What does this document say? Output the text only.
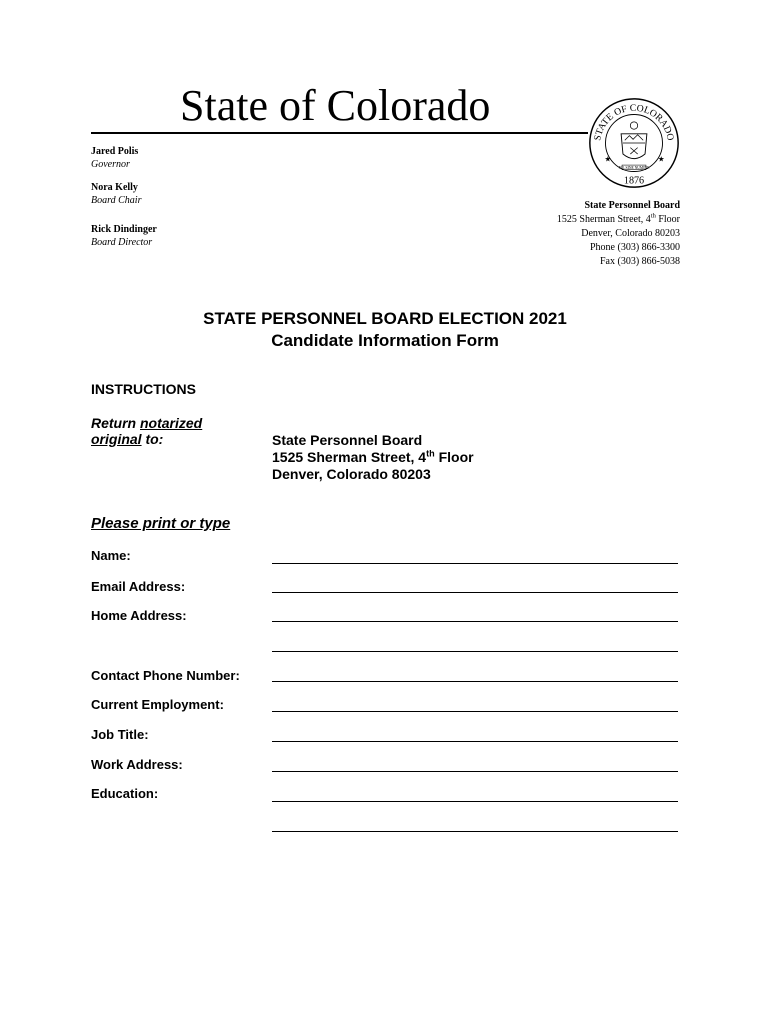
State of Colorado
STATE OF COLORADO
1876
★	★
NIL SINE NUMINE
Jared Polis
Governor
Nora Kelly
Board Chair
Rick Dindinger
Board Director
State Personnel Board
1525 Sherman Street, 4th Floor
Denver, Colorado 80203
Phone (303) 866-3300
Fax (303) 866-5038
STATE PERSONNEL BOARD ELECTION 2021
Candidate Information Form
INSTRUCTIONS
Return notarized
original to:	State Personnel Board
1525 Sherman Street, 4th Floor
Denver, Colorado 80203
Please print or type
Name:
Email Address:
Home Address:
Contact Phone Number:
Current Employment:
Job Title:
Work Address:
Education:
